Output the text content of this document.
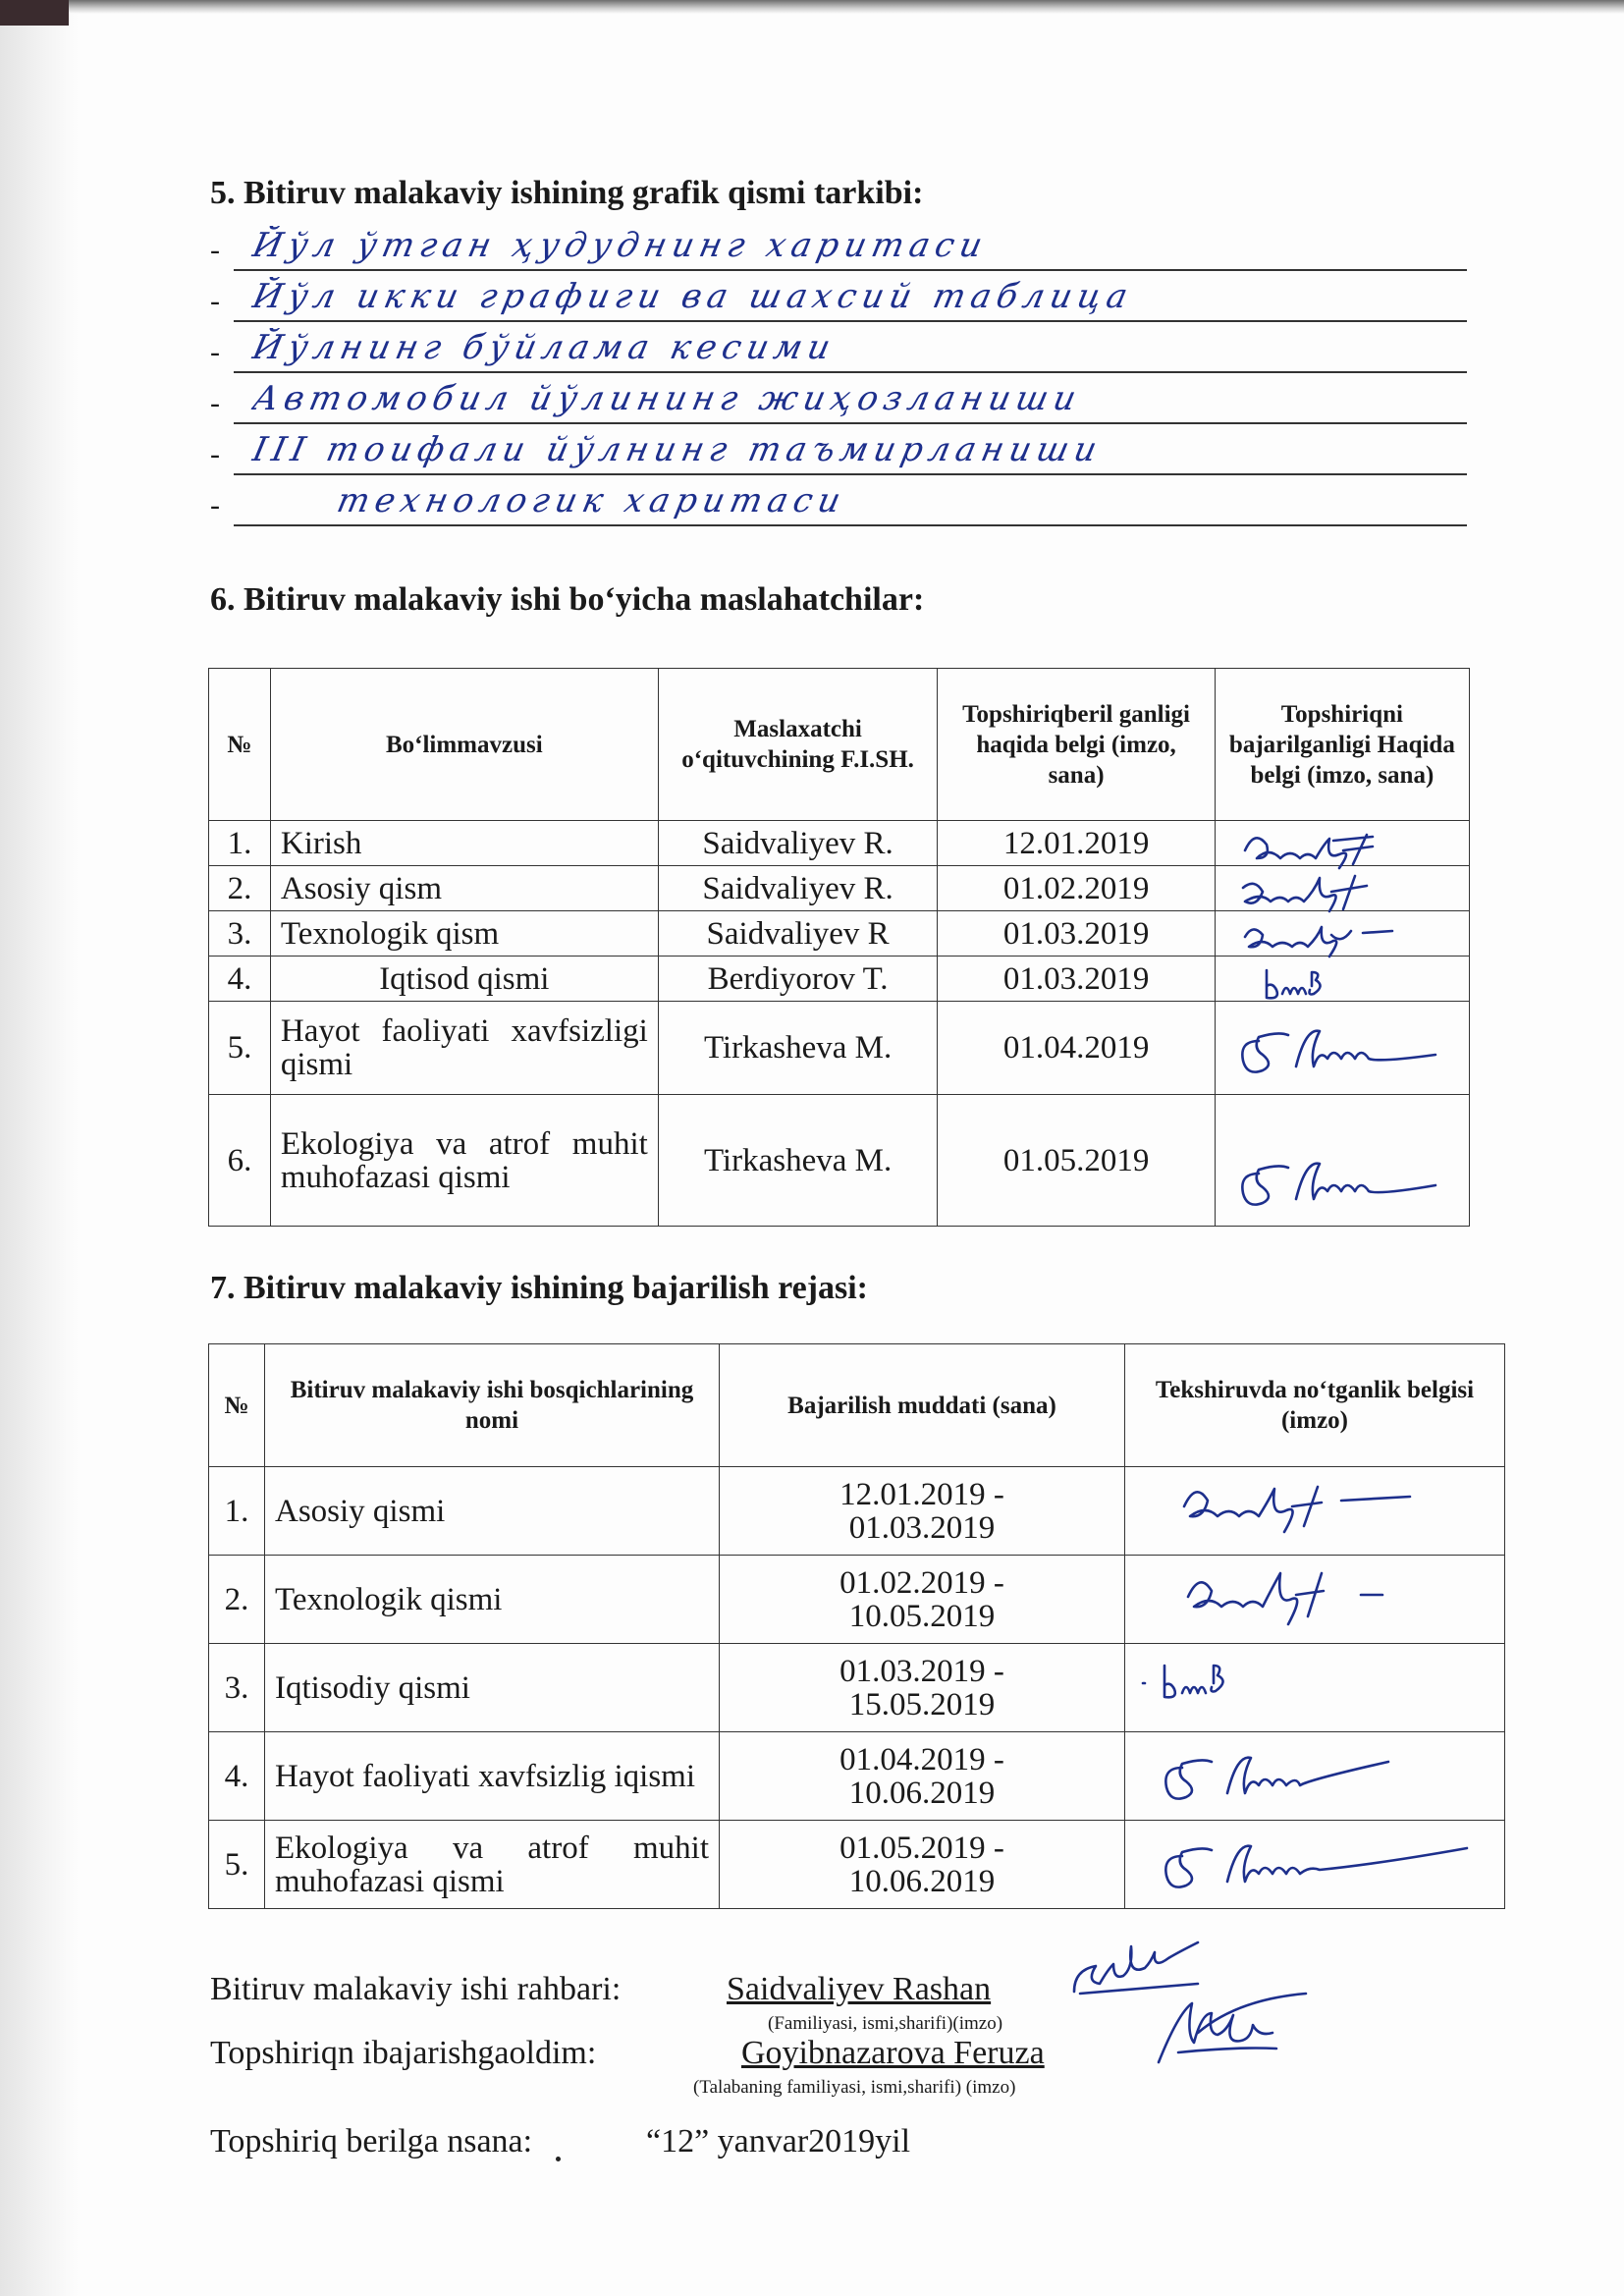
5. Bitiruv malakaviy ishining grafik qismi tarkibi:
- Йўл ўтган ҳудуднинг харитаси
- Йўл икки графиги ва шахсий таблица
- Йўлнинг бўйлама кесими
- Автомобил йўлининг жиҳозланиши
- III тоифали йўлнинг таъмирланиши
-	технологик харитаси
6. Bitiruv malakaviy ishi bo‘yicha maslahatchilar:
№	Bo‘limmavzusi	Maslaxatchi o‘qituvchining F.I.SH.	Topshiriqberil ganligi haqida belgi (imzo, sana)	Topshiriqni bajarilganligi Haqida belgi (imzo, sana)
1.	Kirish	Saidvaliyev R.	12.01.2019	

2.	Asosiy qism	Saidvaliyev R.	01.02.2019	

3.	Texnologik qism	Saidvaliyev R	01.03.2019	

4.	Iqtisod qismi	Berdiyorov T.	01.03.2019	

5.	Hayot faoliyati xavfsizligi qismi	Tirkasheva M.	01.04.2019	

6.	Ekologiya va atrof muhit muhofazasi qismi	Tirkasheva M.	01.05.2019	
7. Bitiruv malakaviy ishining bajarilish rejasi:
№	Bitiruv malakaviy ishi bosqichlarining nomi	Bajarilish muddati (sana)	Tekshiruvda no‘tganlik belgisi (imzo)
1.	Asosiy qismi	12.01.2019 -
01.03.2019	

2.	Texnologik qismi	01.02.2019 -
10.05.2019	

3.	Iqtisodiy qismi	01.03.2019 -
15.05.2019	

4.	Hayot faoliyati xavfsizlig iqismi	01.04.2019 -
10.06.2019	

5.	Ekologiya va atrof muhit muhofazasi qismi	01.05.2019 -
10.06.2019	
Bitiruv malakaviy ishi rahbari:	Saidvaliyev Rashan
(Familiyasi, ismi,sharifi)(imzo)
Topshiriqn ibajarishgaoldim:	Goyibnazarova Feruza
(Talabaning familiyasi, ismi,sharifi) (imzo)
Topshiriq berilga nsana:	“12” yanvar2019yil
